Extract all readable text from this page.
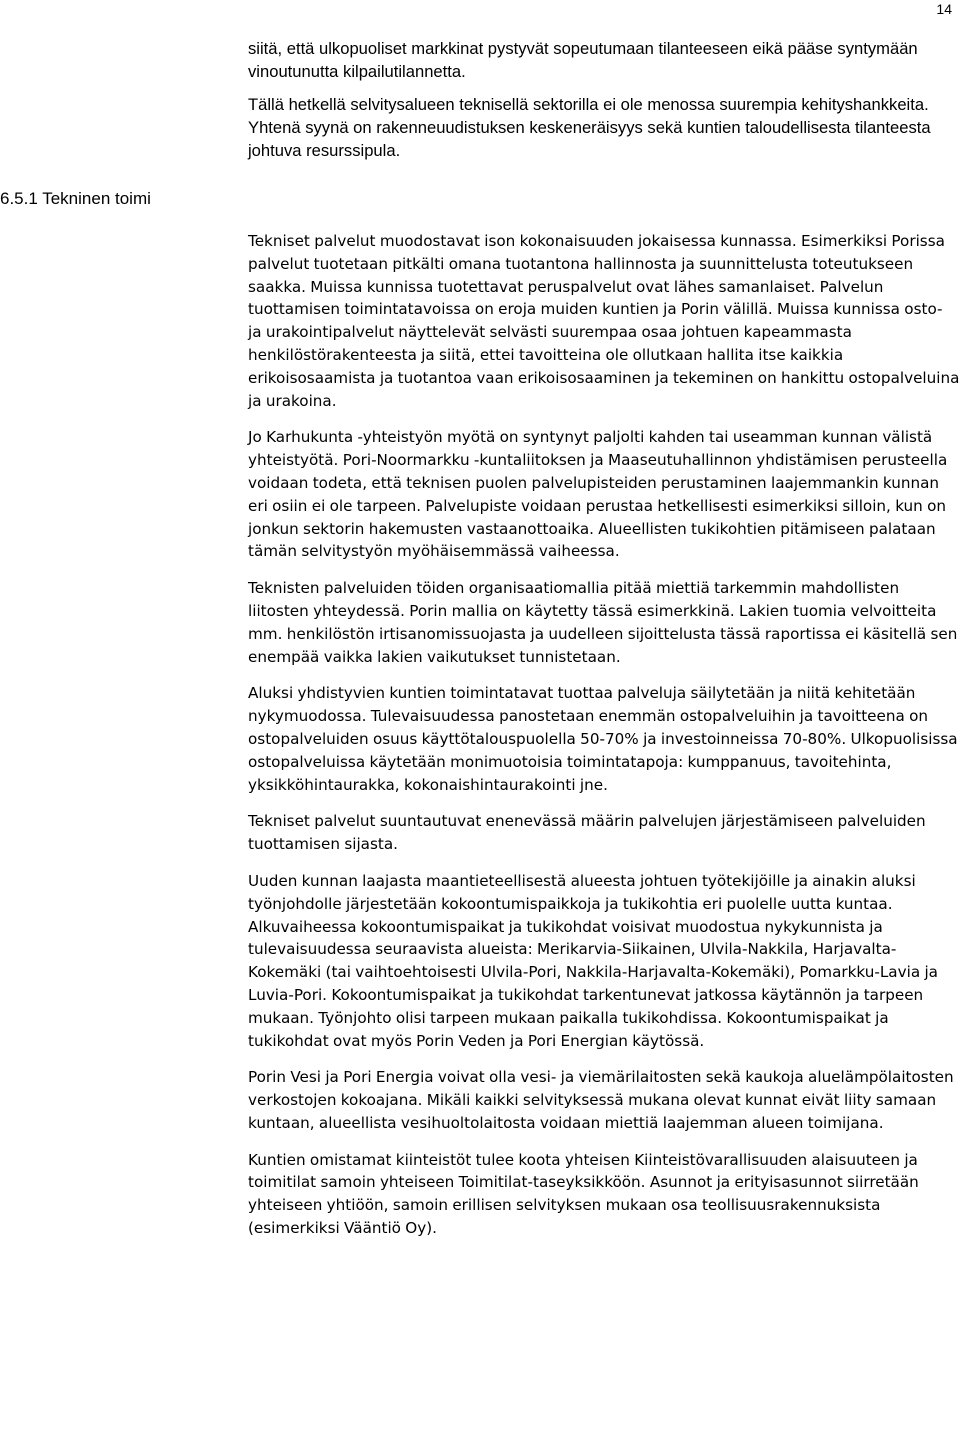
14
6.5.1 Tekninen toimi

siitä, että ulkopuoliset markkinat pystyvät sopeutumaan tilanteeseen eikä pääse syntymään vinoutunutta kilpailutilannetta.

Tällä hetkellä selvitysalueen teknisellä sektorilla ei ole menossa suurempia kehityshankkeita. Yhtenä syynä on rakenneuudistuksen keskeneräisyys sekä kuntien taloudellisesta tilanteesta johtuva resurssipula.

Tekniset palvelut muodostavat ison kokonaisuuden jokaisessa kunnassa. Esimerkiksi Porissa palvelut tuotetaan pitkälti omana tuotantona hallinnosta ja suunnittelusta toteutukseen saakka. Muissa kunnissa tuotettavat peruspalvelut ovat lähes samanlaiset. Palvelun tuottamisen toimintatavoissa on eroja muiden kuntien ja Porin välillä. Muissa kunnissa osto- ja urakointipalvelut näyttelevät selvästi suurempaa osaa johtuen kapeammasta henkilöstörakenteesta ja siitä, ettei tavoitteina ole ollutkaan hallita itse kaikkia erikoisosaamista ja tuotantoa vaan erikoisosaaminen ja tekeminen on hankittu ostopalveluina ja urakoina.

Jo Karhukunta -yhteistyön myötä on syntynyt paljolti kahden tai useamman kunnan välistä yhteistyötä. Pori-Noormarkku -kuntaliitoksen ja Maaseutuhallinnon yhdistämisen perusteella voidaan todeta, että teknisen puolen palvelupisteiden perustaminen laajemmankin kunnan eri osiin ei ole tarpeen. Palvelupiste voidaan perustaa hetkellisesti esimerkiksi silloin, kun on jonkun sektorin hakemusten vastaanottoaika. Alueellisten tukikohtien pitämiseen palataan tämän selvitystyön myöhäisemmässä vaiheessa.

Teknisten palveluiden töiden organisaatiomallia pitää miettiä tarkemmin mahdollisten liitosten yhteydessä. Porin mallia on käytetty tässä esimerkkinä. Lakien tuomia velvoitteita mm. henkilöstön irtisanomissuojasta ja uudelleen sijoittelusta tässä raportissa ei käsitellä sen enempää vaikka lakien vaikutukset tunnistetaan.

Aluksi yhdistyvien kuntien toimintatavat tuottaa palveluja säilytetään ja niitä kehitetään nykymuodossa. Tulevaisuudessa panostetaan enemmän ostopalveluihin ja tavoitteena on ostopalveluiden osuus käyttötalouspuolella 50-70% ja investoinneissa 70-80%. Ulkopuolisissa ostopalveluissa käytetään monimuotoisia toimintatapoja: kumppanuus, tavoitehinta, yksikköhintaurakka, kokonaishintaurakointi jne.

Tekniset palvelut suuntautuvat enenevässä määrin palvelujen järjestämiseen palveluiden tuottamisen sijasta.

Uuden kunnan laajasta maantieteellisestä alueesta johtuen työtekijöille ja ainakin aluksi työnjohdolle järjestetään kokoontumispaikkoja ja tukikohtia eri puolelle uutta kuntaa. Alkuvaiheessa kokoontumispaikat ja tukikohdat voisivat muodostua nykykunnista ja tulevaisuudessa seuraavista alueista: Merikarvia-Siikainen, Ulvila-Nakkila, Harjavalta-Kokemäki (tai vaihtoehtoisesti Ulvila-Pori, Nakkila-Harjavalta-Kokemäki), Pomarkku-Lavia ja Luvia-Pori. Kokoontumispaikat ja tukikohdat tarkentunevat jatkossa käytännön ja tarpeen mukaan. Työnjohto olisi tarpeen mukaan paikalla tukikohdissa. Kokoontumispaikat ja tukikohdat ovat myös Porin Veden ja Pori Energian käytössä.

Porin Vesi ja Pori Energia voivat olla vesi- ja viemärilaitosten sekä kaukoja aluelämpölaitosten verkostojen kokoajana. Mikäli kaikki selvityksessä mukana olevat kunnat eivät liity samaan kuntaan, alueellista vesihuoltolaitosta voidaan miettiä laajemman alueen toimijana.

Kuntien omistamat kiinteistöt tulee koota yhteisen Kiinteistövarallisuuden alaisuuteen ja toimitilat samoin yhteiseen Toimitilat-taseyksikköön. Asunnot ja erityisasunnot siirretään yhteiseen yhtiöön, samoin erillisen selvityksen mukaan osa teollisuusrakennuksista (esimerkiksi Vääntiö Oy).
